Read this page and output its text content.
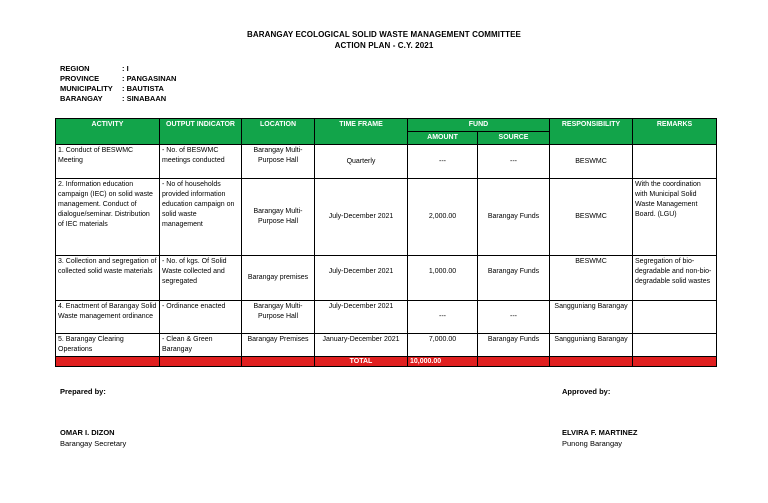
BARANGAY ECOLOGICAL SOLID WASTE MANAGEMENT COMMITTEE
ACTION PLAN - C.Y. 2021
REGION	: I
PROVINCE	: PANGASINAN
MUNICIPALITY	: BAUTISTA
BARANGAY	: SINABAAN
ACTIVITY	OUTPUT INDICATOR	LOCATION	TIME FRAME	FUND		RESPONSIBILITY	REMARKS
				AMOUNT	SOURCE		
1. Conduct of BESWMC Meeting	- No. of BESWMC meetings conducted	Barangay Multi-Purpose Hall	Quarterly	---	---	BESWMC	
2. Information education campaign (IEC) on solid waste management. Conduct of dialogue/seminar. Distribution of IEC materials	- No of households provided information education campaign on solid waste management	Barangay Multi-Purpose Hall	July-December 2021	2,000.00	Barangay Funds	BESWMC	With the coordination with Municipal Solid Waste Management Board. (LGU)
3. Collection and segregation of collected solid waste materials	- No. of kgs. Of Solid Waste collected and segregated	Barangay premises	July-December 2021	1,000.00	Barangay Funds	BESWMC	Segregation of bio-degradable and non-bio-degradable solid wastes
4. Enactment of Barangay Solid Waste management ordinance	- Ordinance enacted	Barangay Multi-Purpose Hall	July-December 2021	---	---	Sangguniang Barangay	
5. Barangay Clearing Operations	- Clean & Green Barangay	Barangay Premises	January-December 2021	7,000.00	Barangay Funds	Sangguniang Barangay	
			TOTAL	10,000.00			
Prepared by:	Approved by:
OMAR I. DIZON
Barangay Secretary
ELVIRA F. MARTINEZ
Punong Barangay
